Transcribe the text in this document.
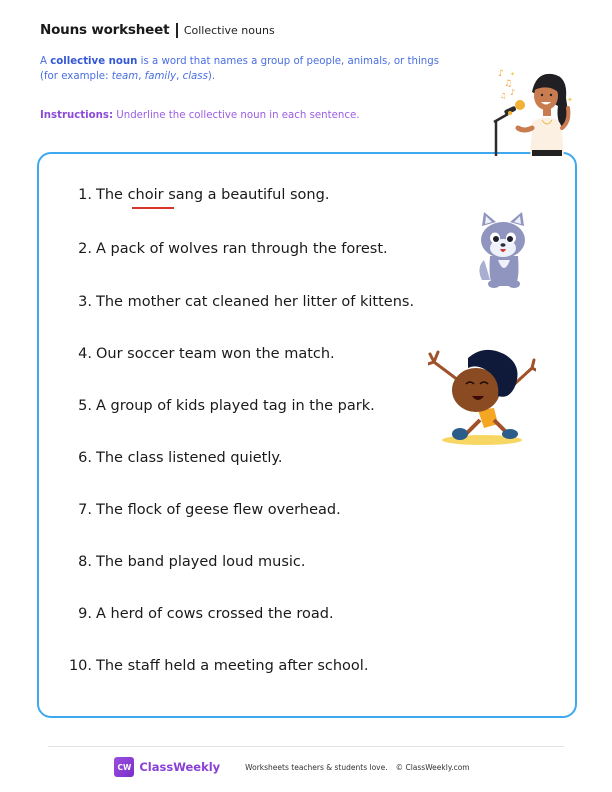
Nouns worksheet Collective nouns
A collective noun is a word that names a group of people, animals, or things (for example: team, family, class).
Instructions: Underline the collective noun in each sentence.
♪
♫
♪
♫
✦
✦
1. The choir sang a beautiful song.
2. A pack of wolves ran through the forest.
3. The mother cat cleaned her litter of kittens.
4. Our soccer team won the match.
5. A group of kids played tag in the park.
6. The class listened quietly.
7. The flock of geese flew overhead.
8. The band played loud music.
9. A herd of cows crossed the road.
10. The staff held a meeting after school.
CW ClassWeekly	Worksheets teachers & students love. © ClassWeekly.com
